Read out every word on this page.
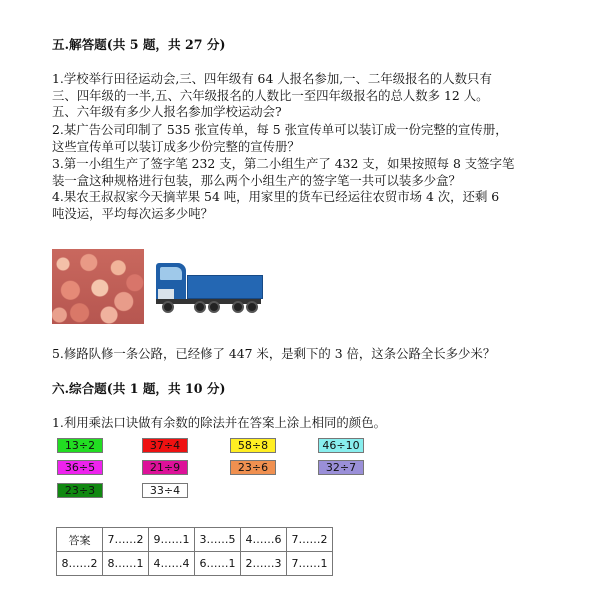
五.解答题(共 5 题，共 27 分)
1.学校举行田径运动会,三、四年级有 64 人报名参加,一、二年级报名的人数只有
三、四年级的一半,五、六年级报名的人数比一至四年级报名的总人数多 12 人。
五、六年级有多少人报名参加学校运动会?
2.某广告公司印制了 535 张宣传单，每 5 张宣传单可以装订成一份完整的宣传册，
这些宣传单可以装订成多少份完整的宣传册？
3.第一小组生产了签字笔 232 支，第二小组生产了 432 支，如果按照每 8 支签字笔
装一盒这种规格进行包装，那么两个小组生产的签字笔一共可以装多少盒？
4.果农王叔叔家今天摘苹果 54 吨，用家里的货车已经运往农贸市场 4 次，还剩 6
吨没运，平均每次运多少吨？
5.修路队修一条公路，已经修了 447 米，是剩下的 3 倍，这条公路全长多少米？
六.综合题(共 1 题，共 10 分)
1.利用乘法口诀做有余数的除法并在答案上涂上相同的颜色。
13÷2	37÷4	58÷8	46÷10
36÷5	21÷9	23÷6	32÷7
23÷3	33÷4
答案	7……2	9……1	3……5	4……6	7……2
8……2	8……1	4……4	6……1	2……3	7……1
